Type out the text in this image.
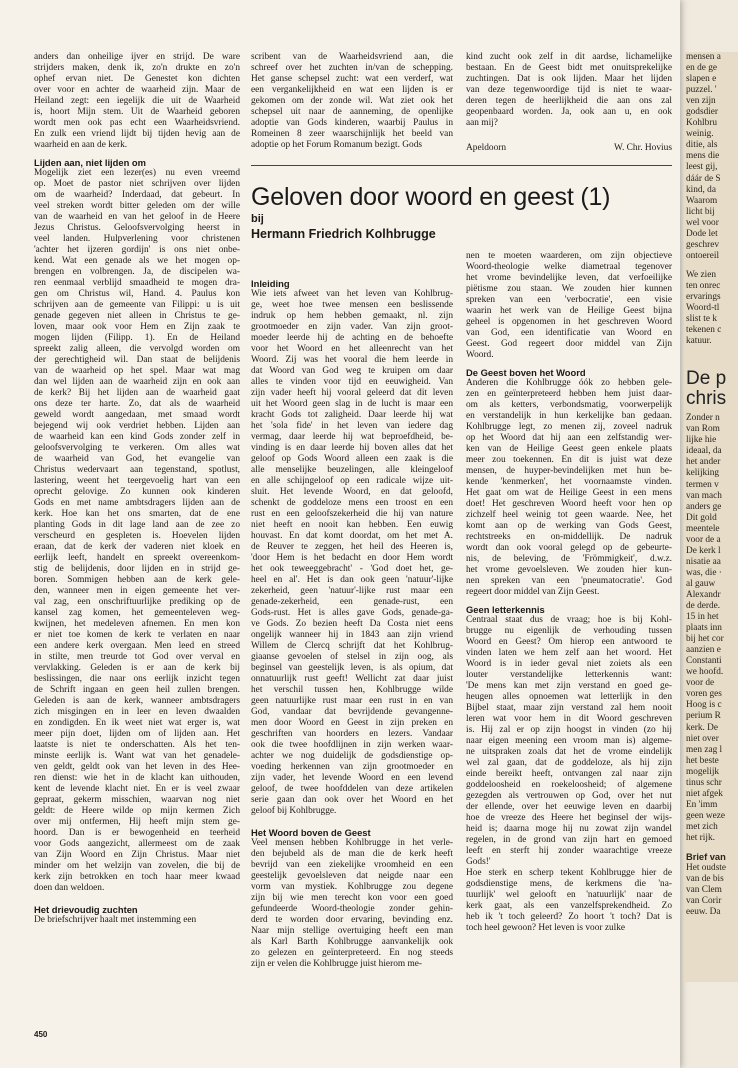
anders dan onheilige ijver en strijd. De ware
strijders maken, denk ik, zo'n drukte en zo'n
ophef ervan niet. De Genestet kon dichten
over voor en achter de waarheid zijn. Maar de
Heiland zegt: een iegelijk die uit de Waarheid
is, hoort Mijn stem. Uit de Waarheid geboren
wordt men ook pas echt een Waarheidsvriend.
En zulk een vriend lijdt bij tijden hevig aan de
waarheid en aan de kerk.
Lijden aan, niet lijden om
Mogelijk ziet een lezer(es) nu even vreemd
op. Moet de pastor niet schrijven over lijden
om de waarheid? Inderdaad, dat gebeurt. In
veel streken wordt bitter geleden om der wille
van de waarheid en van het geloof in de Heere
Jezus Christus. Geloofsvervolging heerst in
veel landen. Hulpverlening voor christenen
'achter het ijzeren gordijn' is ons niet onbe-
kend. Wat een genade als we het mogen op-
brengen en volbrengen. Ja, de discipelen wa-
ren eenmaal verblijd smaadheid te mogen dra-
gen om Christus wil, Hand. 4. Paulus kon
schrijven aan de gemeente van Filippi: u is uit
genade gegeven niet alleen in Christus te ge-
loven, maar ook voor Hem en Zijn zaak te
mogen lijden (Filipp. 1). En de Heiland
spreekt zalig alleen, die vervolgd worden om
der gerechtigheid wil. Dan staat de belijdenis
van de waarheid op het spel. Maar wat mag
dan wel lijden aan de waarheid zijn en ook aan
de kerk? Bij het lijden aan de waarheid gaat
ons deze ter harte. Zo, dat als de waarheid
geweld wordt aangedaan, met smaad wordt
bejegend wij ook verdriet hebben. Lijden aan
de waarheid kan een kind Gods zonder zelf in
geloofsvervolging te verkeren. Om alles wat
de waarheid van God, het evangelie van
Christus wedervaart aan tegenstand, spotlust,
lastering, weent het teergevoelig hart van een
oprecht gelovige. Zo kunnen ook kinderen
Gods en met name ambtsdragers lijden aan de
kerk. Hoe kan het ons smarten, dat de ene
planting Gods in dit lage land aan de zee zo
verscheurd en gespleten is. Hoevelen lijden
eraan, dat de kerk der vaderen niet kloek en
eerlijk leeft, handelt en spreekt overeenkom-
stig de belijdenis, door lijden en in strijd ge-
boren. Sommigen hebben aan de kerk gele-
den, wanneer men in eigen gemeente het ver-
val zag, een onschriftuurlijke prediking op de
kansel zag komen, het gemeenteleven weg-
kwijnen, het medeleven afnemen. En men kon
er niet toe komen de kerk te verlaten en naar
een andere kerk overgaan. Men leed en streed
in stilte, men treurde tot God over verval en
vervlakking. Geleden is er aan de kerk bij
beslissingen, die naar ons eerlijk inzicht tegen
de Schrift ingaan en geen heil zullen brengen.
Geleden is aan de kerk, wanneer ambtsdragers
zich misgingen en in leer en leven dwaalden
en zondigden. En ik weet niet wat erger is, wat
meer pijn doet, lijden om of lijden aan. Het
laatste is niet te onderschatten. Als het ten-
minste eerlijk is. Want wat van het genadele-
ven geldt, geldt ook van het leven in des Hee-
ren dienst: wie het in de klacht kan uithouden,
kent de levende klacht niet. En er is veel zwaar
gepraat, gekerm misschien, waarvan nog niet
geldt: de Heere wilde op mijn kermen Zich
over mij ontfermen, Hij heeft mijn stem ge-
hoord. Dan is er bewogenheid en teerheid
voor Gods aangezicht, allermeest om de zaak
van Zijn Woord en Zijn Christus. Maar niet
minder om het welzijn van zovelen, die bij de
kerk zijn betrokken en toch haar meer kwaad
doen dan weldoen.
Het drievoudig zuchten
De briefschrijver haalt met instemming een
scribent van de Waarheidsvriend aan, die
schreef over het zuchten in/van de schepping.
Het ganse schepsel zucht: wat een verderf, wat
een vergankelijkheid en wat een lijden is er
gekomen om der zonde wil. Wat ziet ook het
schepsel uit naar de aanneming, de openlijke
adoptie van Gods kinderen, waarbij Paulus in
Romeinen 8 zeer waarschijnlijk het beeld van
adoptie op het Forum Romanum bezigt. Gods
kind zucht ook zelf in dit aardse, lichamelijke
bestaan. En de Geest bidt met onuitsprekelijke
zuchtingen. Dat is ook lijden. Maar het lijden
van deze tegenwoordige tijd is niet te waar-
deren tegen de heerlijkheid die aan ons zal
geopenbaard worden. Ja, ook aan u, en ook
aan mij?
Apeldoorn	W. Chr. Hovius
Geloven door woord en geest (1)
bij
Hermann Friedrich Kolhbrugge
Inleiding
Wie iets afweet van het leven van Kohlbrug-
ge, weet hoe twee mensen een beslissende
indruk op hem hebben gemaakt, nl. zijn
grootmoeder en zijn vader. Van zijn groot-
moeder leerde hij de achting en de behoefte
voor het Woord en het alleenrecht van het
Woord. Zij was het vooral die hem leerde in
dat Woord van God weg te kruipen om daar
alles te vinden voor tijd en eeuwigheid. Van
zijn vader heeft hij vooral geleerd dat dit leven
uit het Woord geen slag in de lucht is maar een
kracht Gods tot zaligheid. Daar leerde hij wat
het 'sola fide' in het leven van iedere dag
vermag, daar leerde hij wat beproefdheid, be-
vinding is en daar leerde hij boven alles dat het
geloof op Gods Woord alleen een zaak is die
alle menselijke beuzelingen, alle kleingeloof
en alle schijngeloof op een radicale wijze uit-
sluit. Het levende Woord, en dat geloofd,
schenkt de goddeloze mens een troost en een
rust en een geloofszekerheid die hij van nature
niet heeft en nooit kan hebben. Een euwig
houvast. En dat komt doordat, om het met A.
de Reuver te zeggen, het heil des Heeren is,
'door Hem is het bedacht en door Hem wordt
het ook teweeggebracht' - 'God doet het, ge-
heel en al'. Het is dan ook geen 'natuur'-lijke
zekerheid, geen 'natuur'-lijke rust maar een
genade-zekerheid, een genade-rust, een
Gods-rust. Het is alles gave Gods, genade-ga-
ve Gods. Zo bezien heeft Da Costa niet eens
ongelijk wanneer hij in 1843 aan zijn vriend
Willem de Clercq schrijft dat het Kohlbrug-
giaanse gevoelen of stelsel in zijn oog, als
beginsel van geestelijk leven, is als opium, dat
onnatuurlijk rust geeft! Wellicht zat daar juist
het verschil tussen hen, Kohlbrugge wilde
geen natuurlijke rust maar een rust in en van
God, vandaar dat bevrijdende gevangenne-
men door Woord en Geest in zijn preken en
geschriften van hoorders en lezers. Vandaar
ook die twee hoofdlijnen in zijn werken waar-
achter we nog duidelijk de godsdienstige op-
voeding herkennen van zijn grootmoeder en
zijn vader, het levende Woord en een levend
geloof, de twee hoofddelen van deze artikelen
serie gaan dan ook over het Woord en het
geloof bij Kohlbrugge.
Het Woord boven de Geest
Veel mensen hebben Kohlbrugge in het verle-
den bejubeld als de man die de kerk heeft
bevrijd van een ziekelijke vroomheid en een
geestelijk gevoelsleven dat neigde naar een
vorm van mystiek. Kohlbrugge zou degene
zijn bij wie men terecht kon voor een goed
gefundeerde Woord-theologie zonder gehin-
derd te worden door ervaring, bevinding enz.
Naar mijn stellige overtuiging heeft een man
als Karl Barth Kohlbrugge aanvankelijk ook
zo gelezen en geïnterpreteerd. En nog steeds
zijn er velen die Kohlbrugge juist hierom me-
nen te moeten waarderen, om zijn objectieve
Woord-theologie welke diametraal tegenover
het vrome bevindelijke leven, dat verfoeilijke
piëtisme zou staan. We zouden hier kunnen
spreken van een 'verbocratie', een visie
waarin het werk van de Heilige Geest bijna
geheel is opgenomen in het geschreven Woord
van God, een identificatie van Woord en
Geest. God regeert door middel van Zijn
Woord.
De Geest boven het Woord
Anderen die Kohlbrugge óók zo hebben gele-
zen en geïnterpreteerd hebben hem juist daar-
om als ketters, verbondsmatig, voorwerpelijk
en verstandelijk in hun kerkelijke ban gedaan.
Kohlbrugge legt, zo menen zij, zoveel nadruk
op het Woord dat hij aan een zelfstandig wer-
ken van de Heilige Geest geen enkele plaats
meer zou toekennen. En dit is juist wat deze
mensen, de huyper-bevindelijken met hun be-
kende 'kenmerken', het voornaamste vinden.
Het gaat om wat de Heilige Geest in een mens
doet! Het geschreven Woord heeft voor hen op
zichzelf heel weinig tot geen waarde. Nee, het
komt aan op de werking van Gods Geest,
rechtstreeks en on-middellijk. De nadruk
wordt dan ook vooral gelegd op de gebeurte-
nis, de beleving, de 'Frömmigkeit', d.w.z.
het vrome gevoelsleven. We zouden hier kun-
nen spreken van een 'pneumatocratie'. God
regeert door middel van Zijn Geest.
Geen letterkennis
Centraal staat dus de vraag; hoe is bij Kohl-
brugge nu eigenlijk de verhouding tussen
Woord en Geest? Om hierop een antwoord te
vinden laten we hem zelf aan het woord. Het
Woord is in ieder geval niet zoiets als een
louter verstandelijke letterkennis want:
'De mens kan met zijn verstand en goed ge-
heugen alles opnoemen wat letterlijk in den
Bijbel staat, maar zijn verstand zal hem nooit
leren wat voor hem in dit Woord geschreven
is. Hij zal er op zijn hoogst in vinden (zo hij
naar eigen meening een vroom man is) algeme-
ne uitspraken zoals dat het de vrome eindelijk
wel zal gaan, dat de goddeloze, als hij zijn
einde bereikt heeft, ontvangen zal naar zijn
goddeloosheid en roekeloosheid; of algemene
gezegden als vertrouwen op God, over het nut
der ellende, over het eeuwige leven en daarbij
hoe de vreeze des Heere het beginsel der wijs-
heid is; daarna moge hij nu zowat zijn wandel
regelen, in de grond van zijn hart en gemoed
leeft en sterft hij zonder waarachtige vreeze
Gods!'
Hoe sterk en scherp tekent Kohlbrugge hier de
godsdienstige mens, de kerkmens die 'na-
tuurlijk' wel gelooft en 'natuurlijk' naar de
kerk gaat, als een vanzelfsprekendheid. Zo
heb ik 't toch geleerd? Zo hoort 't toch? Dat is
toch heel gewoon? Het leven is voor zulke
450
mensen a
en de ge
slapen e
puzzel. '
ven zijn
godsdier
Kohlbru
weinig.
ditie, als
mens die
leest gij,
dáár de S
kind, da
Waarom
licht bij
wel voor
Dode let
geschrev
ontoereil
We zien
ten onrec
ervarings
Woord-tl
slist te k
tekenen c
katuur.
De p
chris
Zonder n
van Rom
lijke hie
ideaal, da
het ander
kelijking
termen v
van mach
anders ge
Dit gold
meentele
voor de a
De kerk l
nisatie aa
was, die ·
al gauw
Alexandr
de derde.
15 in het
plaats inn
bij het cor
aanzien e
Constanti
we hoofd.
voor de
voren ges
Hoog is c
perium R
kerk. De
niet over
men zag l
het beste
mogelijk
tinus schr
niet afgek
En 'imm
geen weze
met zich
het rijk.
Brief van
Het oudste
van de bis
van Clem
van Corir
eeuw. Da
